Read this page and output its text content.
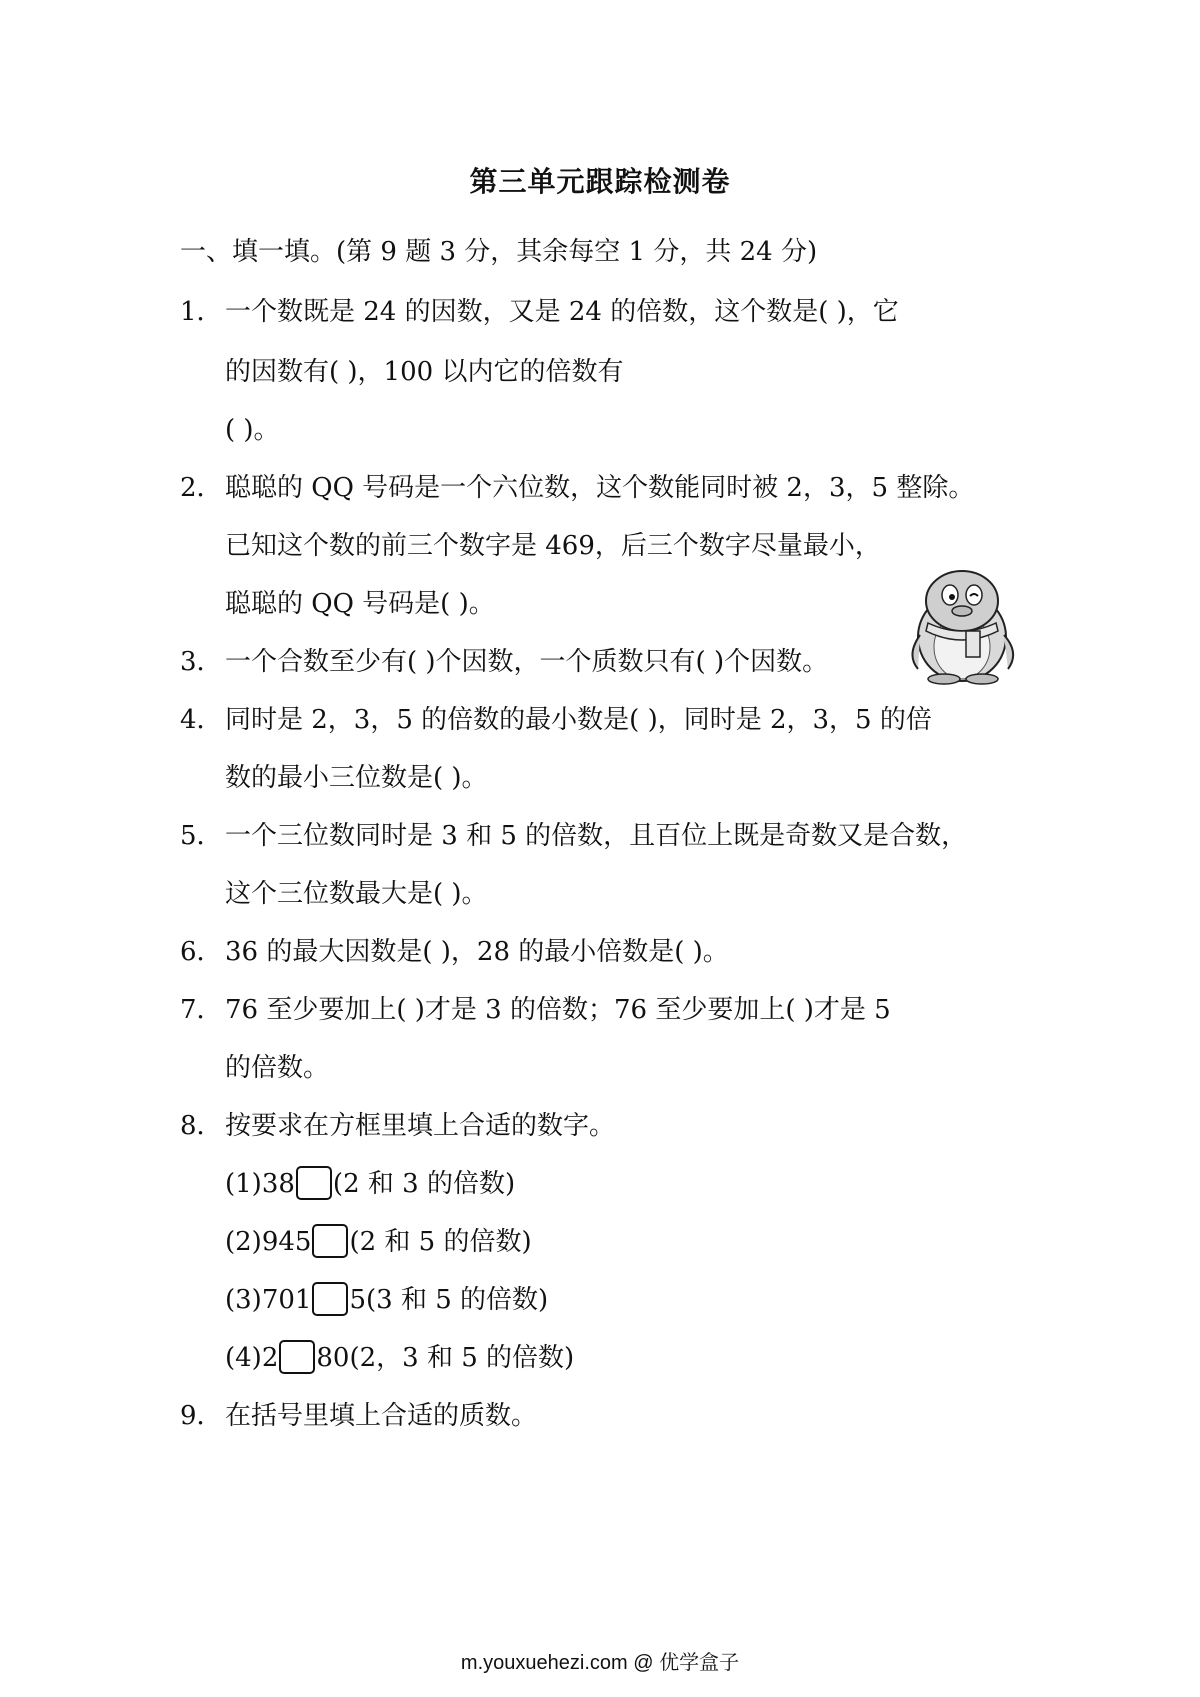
第三单元跟踪检测卷
一、填一填。(第 9 题 3 分，其余每空 1 分，共 24 分)
1． 一个数既是 24 的因数，又是 24 的倍数，这个数是( )，它
的因数有( )，100 以内它的倍数有
( )。
2． 聪聪的 QQ 号码是一个六位数，这个数能同时被 2，3，5 整除。
已知这个数的前三个数字是 469，后三个数字尽量最小，
聪聪的 QQ 号码是( )。
3． 一个合数至少有( )个因数，一个质数只有( )个因数。
4． 同时是 2，3，5 的倍数的最小数是( )，同时是 2，3，5 的倍
数的最小三位数是( )。
5． 一个三位数同时是 3 和 5 的倍数，且百位上既是奇数又是合数，
这个三位数最大是( )。
6． 36 的最大因数是( )，28 的最小倍数是( )。
7． 76 至少要加上( )才是 3 的倍数；76 至少要加上( )才是 5
的倍数。
8． 按要求在方框里填上合适的数字。
(1)38 (2 和 3 的倍数)
(2)945 (2 和 5 的倍数)
(3)701 5(3 和 5 的倍数)
(4)2 80(2，3 和 5 的倍数)
9． 在括号里填上合适的质数。
m.youxuehezi.com @ 优学盒子
